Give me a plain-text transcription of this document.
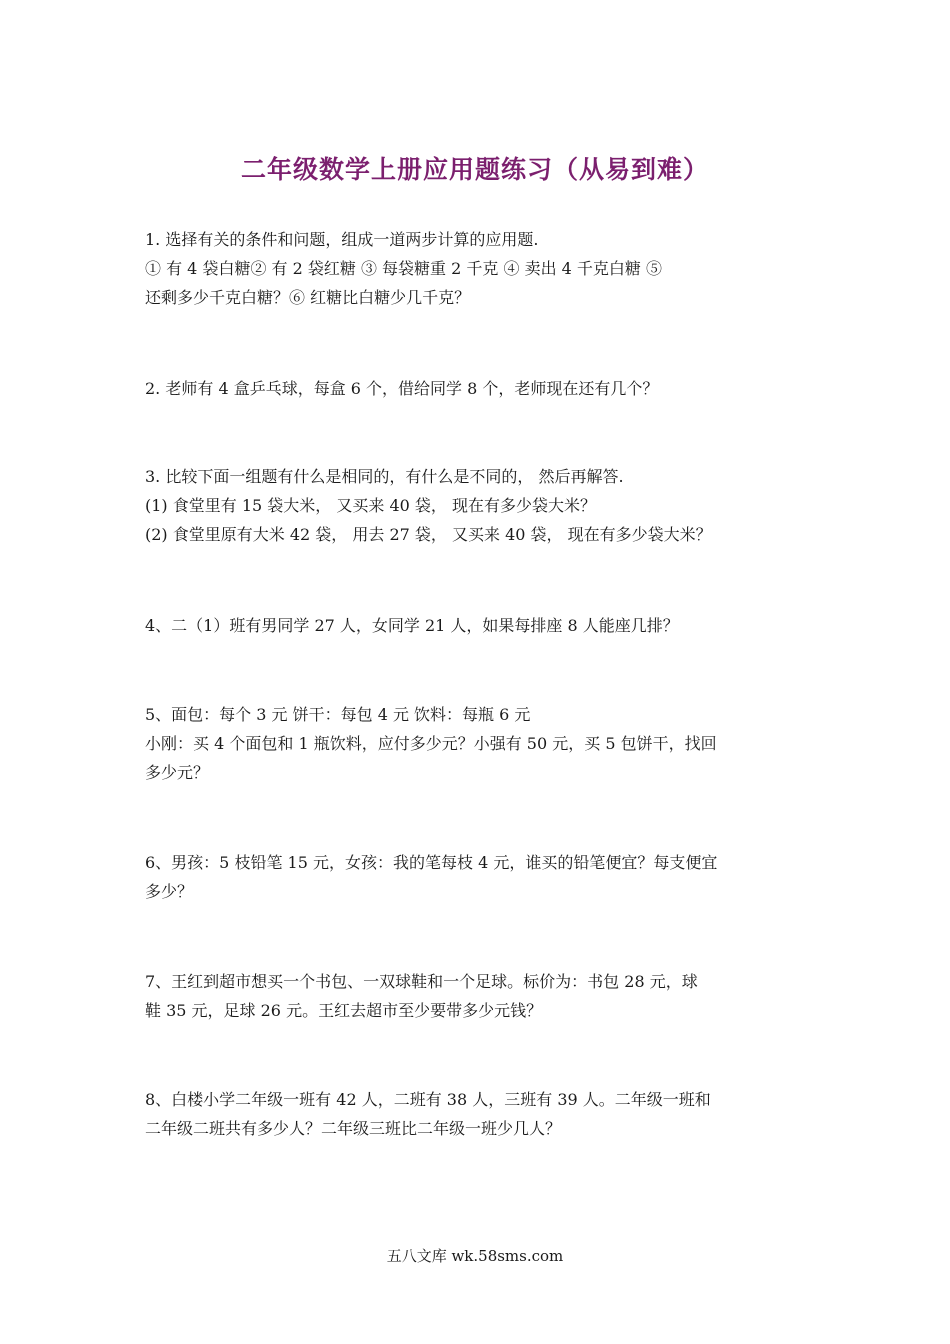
二年级数学上册应用题练习（从易到难）
1. 选择有关的条件和问题，组成一道两步计算的应用题.
① 有 4 袋白糖② 有 2 袋红糖 ③ 每袋糖重 2 千克 ④ 卖出 4 千克白糖 ⑤
还剩多少千克白糖？⑥ 红糖比白糖少几千克？
2. 老师有 4 盒乒乓球，每盒 6 个，借给同学 8 个，老师现在还有几个？
3. 比较下面一组题有什么是相同的，有什么是不同的， 然后再解答.
(1) 食堂里有 15 袋大米， 又买来 40 袋， 现在有多少袋大米？
(2) 食堂里原有大米 42 袋， 用去 27 袋， 又买来 40 袋， 现在有多少袋大米？
4、二（1）班有男同学 27 人，女同学 21 人，如果每排座 8 人能座几排？
5、面包：每个 3 元 饼干：每包 4 元 饮料：每瓶 6 元
小刚：买 4 个面包和 1 瓶饮料，应付多少元？小强有 50 元，买 5 包饼干，找回
多少元？
6、男孩：5 枝铅笔 15 元，女孩：我的笔每枝 4 元，谁买的铅笔便宜？每支便宜
多少？
7、王红到超市想买一个书包、一双球鞋和一个足球。标价为：书包 28 元，球
鞋 35 元，足球 26 元。王红去超市至少要带多少元钱？
8、白楼小学二年级一班有 42 人，二班有 38 人，三班有 39 人。二年级一班和
二年级二班共有多少人？二年级三班比二年级一班少几人？
五八文库 wk.58sms.com
